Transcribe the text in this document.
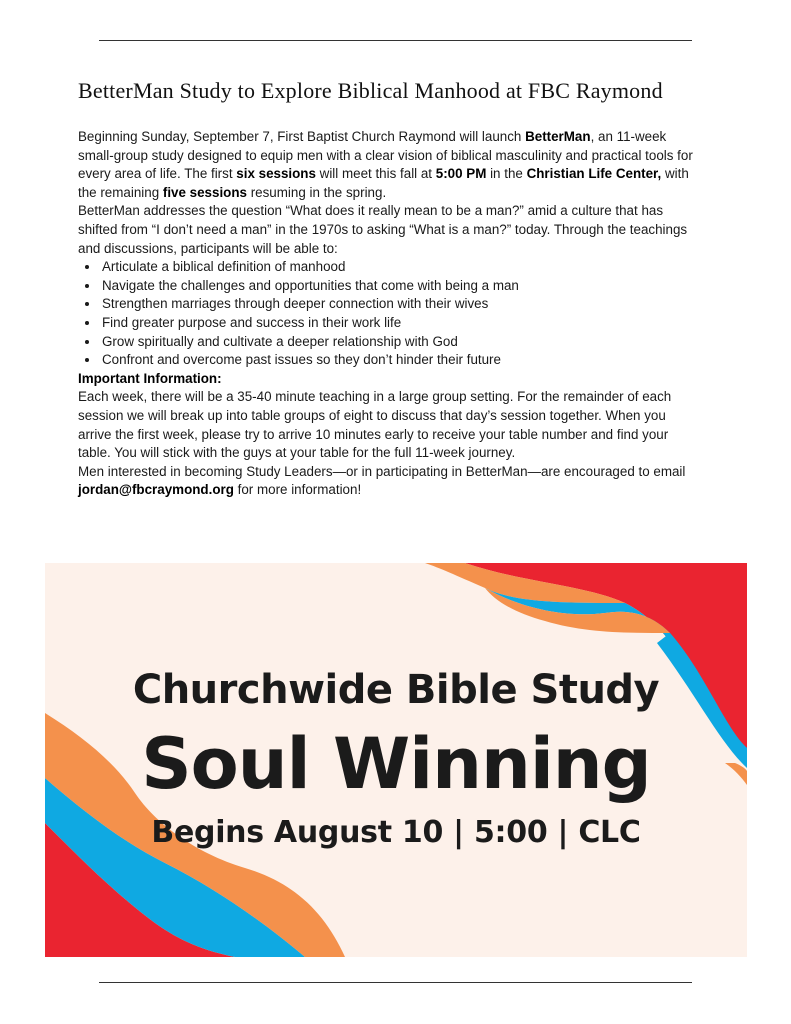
BetterMan Study to Explore Biblical Manhood at FBC Raymond

Beginning Sunday, September 7, First Baptist Church Raymond will launch BetterMan, an 11-week small-group study designed to equip men with a clear vision of biblical masculinity and practical tools for every area of life. The first six sessions will meet this fall at 5:00 PM in the Christian Life Center, with the remaining five sessions resuming in the spring.

BetterMan addresses the question “What does it really mean to be a man?” amid a culture that has shifted from “I don’t need a man” in the 1970s to asking “What is a man?” today. Through the teachings and discussions, participants will be able to:

• Articulate a biblical definition of manhood
• Navigate the challenges and opportunities that come with being a man
• Strengthen marriages through deeper connection with their wives
• Find greater purpose and success in their work life
• Grow spiritually and cultivate a deeper relationship with God
• Confront and overcome past issues so they don’t hinder their future

Important Information:

Each week, there will be a 35-40 minute teaching in a large group setting. For the remainder of each session we will break up into table groups of eight to discuss that day’s session together. When you arrive the first week, please try to arrive 10 minutes early to receive your table number and find your table. You will stick with the guys at your table for the full 11-week journey.

Men interested in becoming Study Leaders—or in participating in BetterMan—are encouraged to email jordan@fbcraymond.org for more information!

Churchwide Bible Study
Soul Winning
Begins August 10 | 5:00 | CLC
